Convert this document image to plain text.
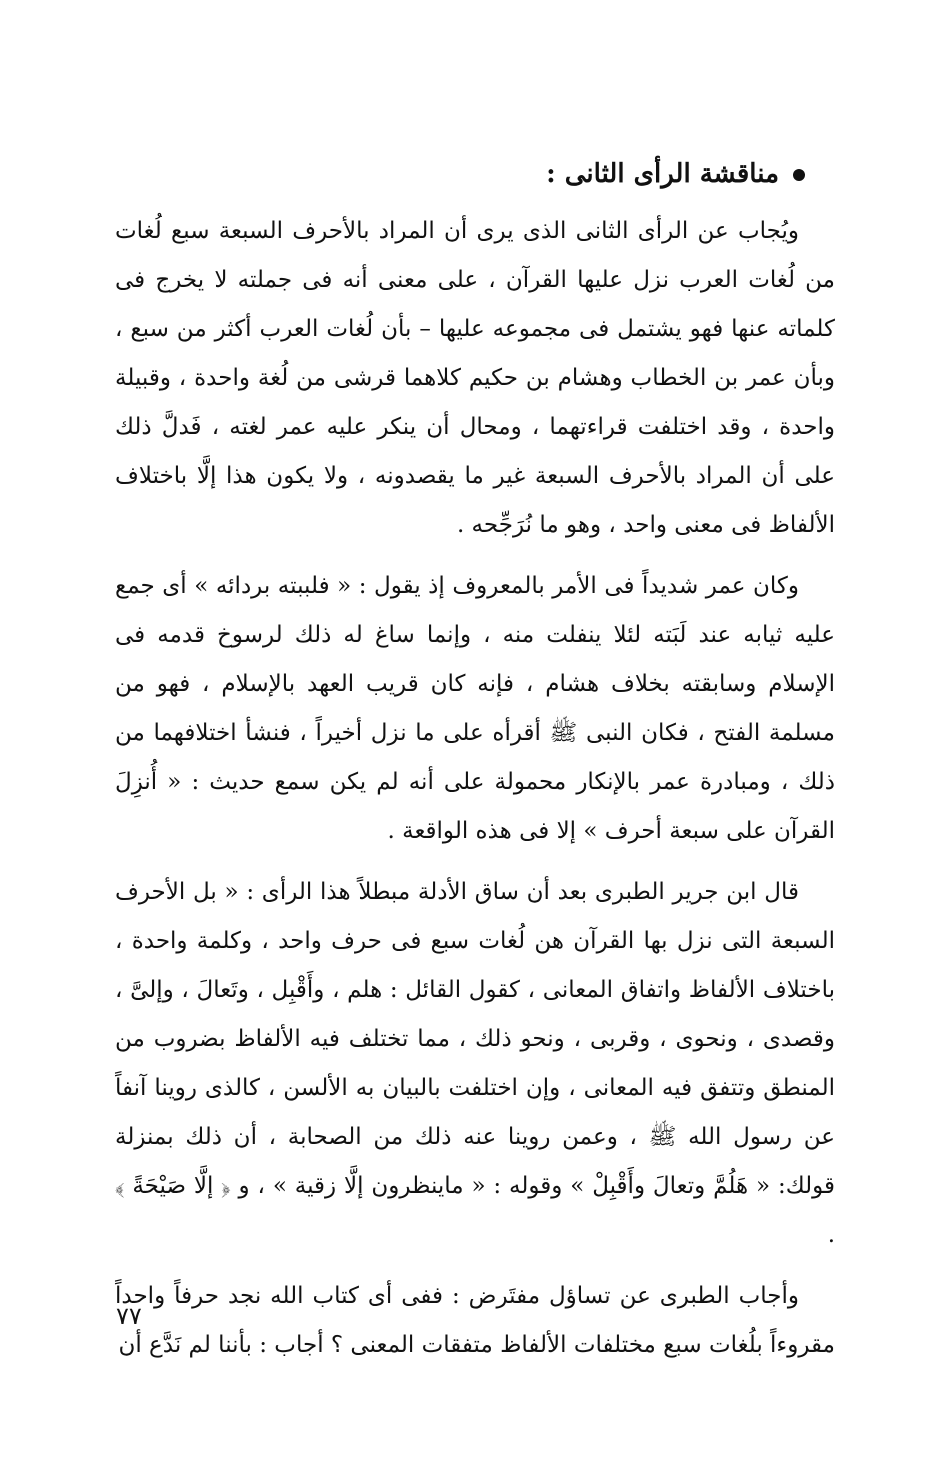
مناقشة الرأى الثانى :

ويُجاب عن الرأى الثانى الذى يرى أن المراد بالأحرف السبعة سبع لُغات من لُغات العرب نزل عليها القرآن ، على معنى أنه فى جملته لا يخرج فى كلماته عنها فهو يشتمل فى مجموعه عليها – بأن لُغات العرب أكثر من سبع ، وبأن عمر بن الخطاب وهشام بن حكيم كلاهما قرشى من لُغة واحدة ، وقبيلة واحدة ، وقد اختلفت قراءتهما ، ومحال أن ينكر عليه عمر لغته ، فَدلَّ ذلك على أن المراد بالأحرف السبعة غير ما يقصدونه ، ولا يكون هذا إلَّا باختلاف الألفاظ فى معنى واحد ، وهو ما نُرَجِّحه .

وكان عمر شديداً فى الأمر بالمعروف إذ يقول : « فلببته بردائه » أى جمع عليه ثيابه عند لَبَته لئلا ينفلت منه ، وإنما ساغ له ذلك لرسوخ قدمه فى الإسلام وسابقته بخلاف هشام ، فإنه كان قريب العهد بالإسلام ، فهو من مسلمة الفتح ، فكان النبى ﷺ أقرأه على ما نزل أخيراً ، فنشأ اختلافهما من ذلك ، ومبادرة عمر بالإنكار محمولة على أنه لم يكن سمع حديث : « أُنزِلَ القرآن على سبعة أحرف » إلا فى هذه الواقعة .

قال ابن جرير الطبرى بعد أن ساق الأدلة مبطلاً هذا الرأى : « بل الأحرف السبعة التى نزل بها القرآن هن لُغات سبع فى حرف واحد ، وكلمة واحدة ، باختلاف الألفاظ واتفاق المعانى ، كقول القائل : هلم ، وأَقْبِل ، وتَعالَ ، وإلىَّ ، وقصدى ، ونحوى ، وقربى ، ونحو ذلك ، مما تختلف فيه الألفاظ بضروب من المنطق وتتفق فيه المعانى ، وإن اختلفت بالبيان به الألسن ، كالذى روينا آنفاً عن رسول الله ﷺ ، وعمن روينا عنه ذلك من الصحابة ، أن ذلك بمنزلة قولك: « هَلُمَّ وتعالَ وأَقْبِلْ » وقوله : « ماينظرون إلَّا زقية » ، و ﴿ إلَّا صَيْحَةً ﴾ .

وأجاب الطبرى عن تساؤل مفتَرض : ففى أى كتاب الله نجد حرفاً واحداً مقروءاً بلُغات سبع مختلفات الألفاظ متفقات المعنى ؟ أجاب : بأننا لم نَدَّع أن

٧٧
